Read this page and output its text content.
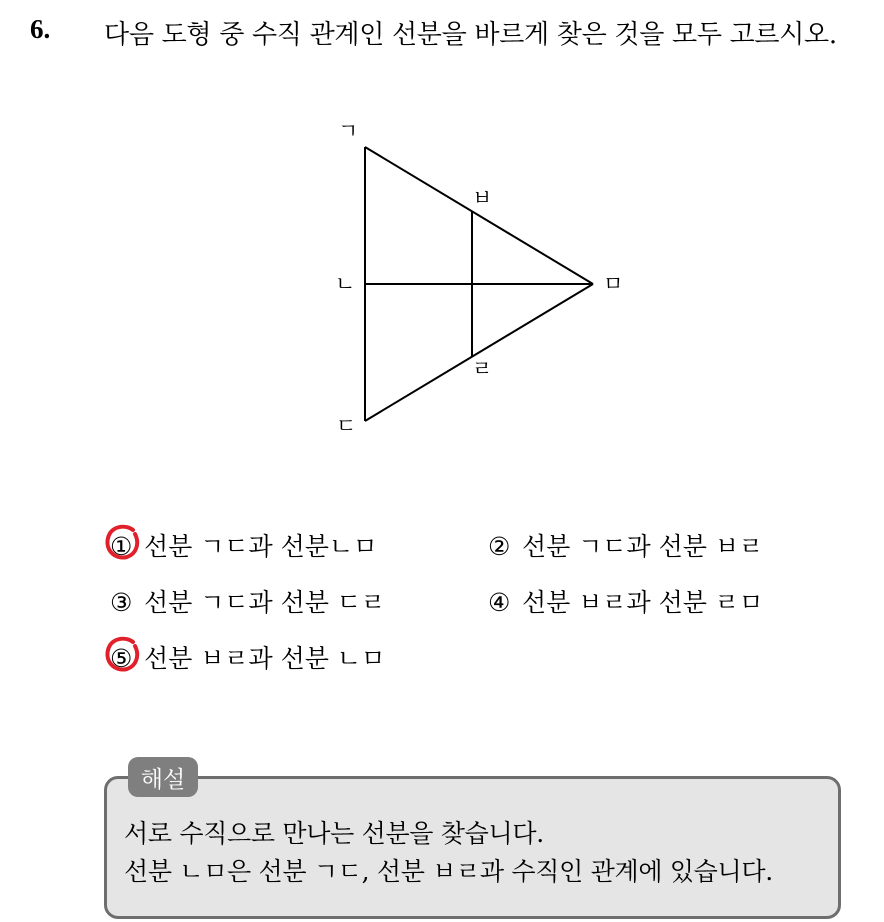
6. 다음 도형 중 수직 관계인 선분을 바르게 찾은 것을 모두 고르시오.
ㄱ
ㅂ
ㄴ	ㅁ
ㄹ
ㄷ
① 선분 ㄱㄷ과 선분ㄴㅁ	② 선분 ㄱㄷ과 선분 ㅂㄹ
③ 선분 ㄱㄷ과 선분 ㄷㄹ	④ 선분 ㅂㄹ과 선분 ㄹㅁ
⑤ 선분 ㅂㄹ과 선분 ㄴㅁ
해설
서로 수직으로 만나는 선분을 찾습니다.
선분 ㄴㅁ은 선분 ㄱㄷ, 선분 ㅂㄹ과 수직인 관계에 있습니다.
